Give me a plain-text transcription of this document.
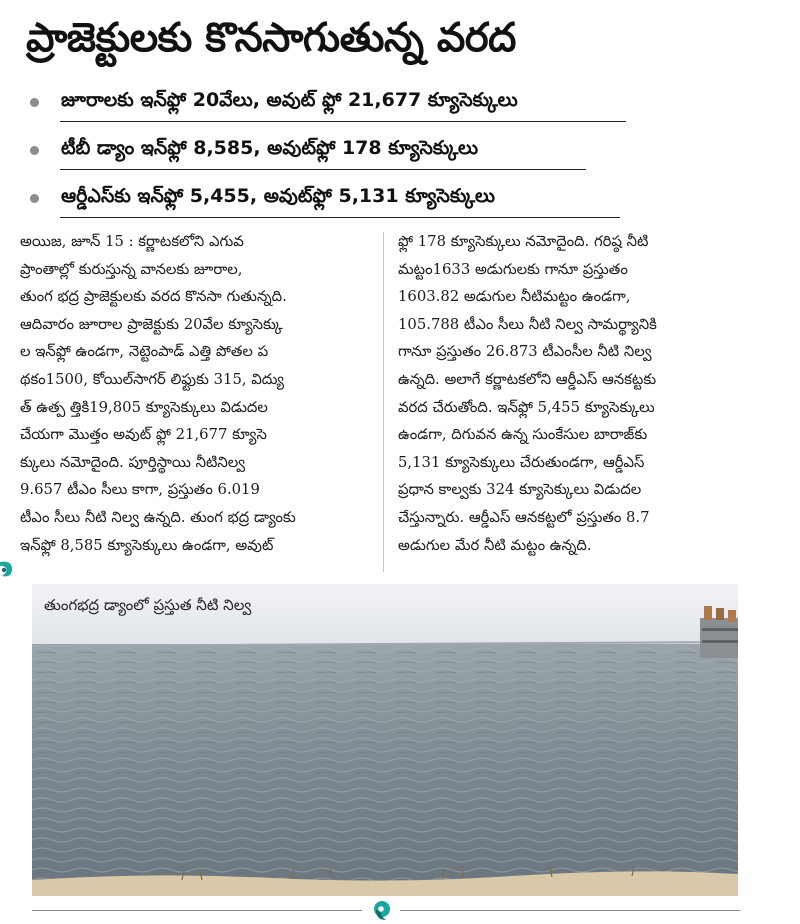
ప్రాజెక్టులకు కొనసాగుతున్న వరద
జూరాలకు ఇన్‌ఫ్లో 20వేలు, అవుట్ ఫ్లో 21,677 క్యూసెక్కులు
టీబీ డ్యాం ఇన్‌ఫ్లో 8,585, అవుట్‌ఫ్లో 178 క్యూసెక్కులు
ఆర్డీఎస్‌కు ఇన్‌ఫ్లో 5,455, అవుట్‌ఫ్లో 5,131 క్యూసెక్కులు
అయిజ, జూన్ 15 : కర్ణాటకలోని ఎగువ
ప్రాంతాల్లో కురుస్తున్న వానలకు జూరాల,
తుంగ భద్ర ప్రాజెక్టులకు వరద కొనసా గుతున్నది.
ఆదివారం జూరాల ప్రాజెక్టుకు 20వేల క్యూసెక్కు
ల ఇన్‌ఫ్లో ఉండగా, నెట్టెంపాడ్ ఎత్తి పోతల ప
థకం1500, కోయిల్‌సాగర్ లిఫ్టుకు 315, విద్యు
త్ ఉత్ప త్తికి19,805 క్యూసెక్కులు విడుదల
చేయగా మొత్తం అవుట్ ఫ్లో 21,677 క్యూసె
క్కులు నమోదైంది. పూర్తిస్థాయి నీటినిల్వ
9.657 టీఎం సీలు కాగా, ప్రస్తుతం 6.019
టీఎం సీలు నీటి నిల్వ ఉన్నది. తుంగ భద్ర డ్యాంకు
ఇన్‌ఫ్లో 8,585 క్యూసెక్కులు ఉండగా, అవుట్
ఫ్లో 178 క్యూసెక్కులు నమోదైంది. గరిష్ఠ నీటి
మట్టం1633 అడుగులకు గానూ ప్రస్తుతం
1603.82 అడుగుల నీటిమట్టం ఉండగా,
105.788 టీఎం సీలు నీటి నిల్వ సామర్థ్యానికి
గానూ ప్రస్తుతం 26.873 టీఎంసీల నీటి నిల్వ
ఉన్నది. అలాగే కర్ణాటకలోని ఆర్డీఎస్ ఆనకట్టకు
వరద చేరుతోంది. ఇన్‌ఫ్లో 5,455 క్యూసెక్కులు
ఉండగా, దిగువన ఉన్న సుంకేసుల బారాజ్‌కు
5,131 క్యూసెక్కులు చేరుతుండగా, ఆర్డీఎస్
ప్రధాన కాల్వకు 324 క్యూసెక్కులు విడుదల
చేస్తున్నారు. ఆర్డీఎస్ ఆనకట్టలో ప్రస్తుతం 8.7
అడుగుల మేర నీటి మట్టం ఉన్నది.
తుంగభద్ర డ్యాంలో ప్రస్తుత నీటి నిల్వ
